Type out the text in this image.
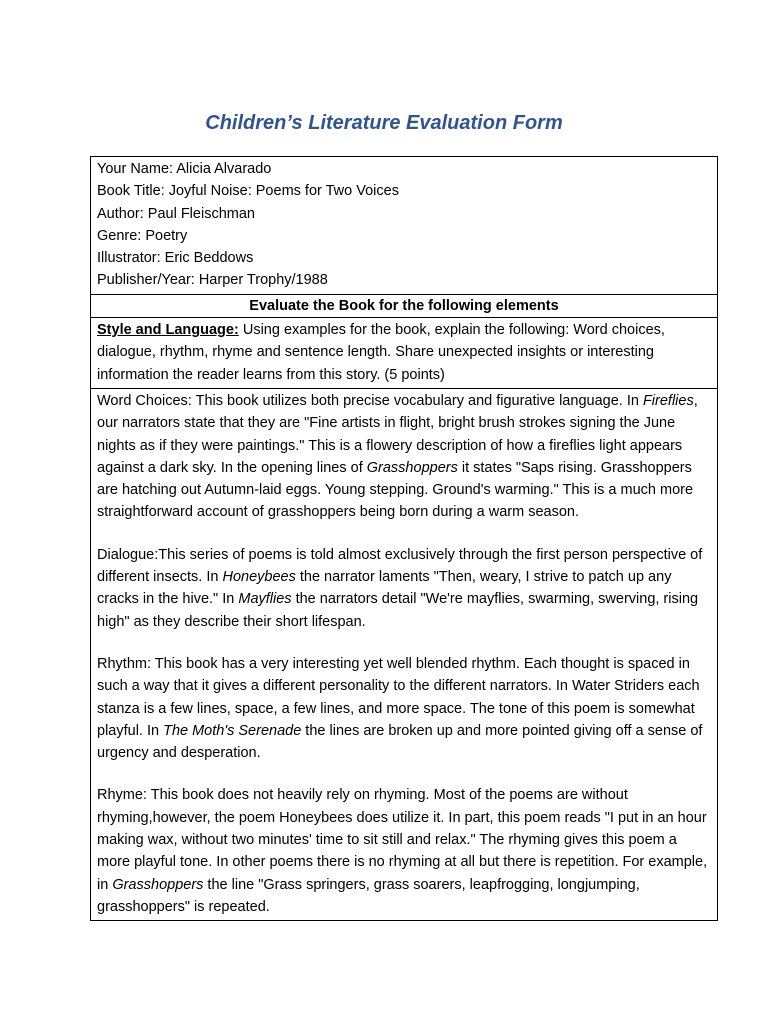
Children’s Literature Evaluation Form
Your Name: Alicia Alvarado
Book Title: Joyful Noise: Poems for Two Voices
Author: Paul Fleischman
Genre: Poetry
Illustrator: Eric Beddows
Publisher/Year: Harper Trophy/1988
Evaluate the Book for the following elements
Style and Language: Using examples for the book, explain the following: Word choices, dialogue, rhythm, rhyme and sentence length. Share unexpected insights or interesting information the reader learns from this story. (5 points)

Word Choices: This book utilizes both precise vocabulary and figurative language. In Fireflies, our narrators state that they are "Fine artists in flight, bright brush strokes signing the June nights as if they were paintings." This is a flowery description of how a fireflies light appears against a dark sky. In the opening lines of Grasshoppers it states "Saps rising. Grasshoppers are hatching out Autumn-laid eggs. Young stepping. Ground's warming." This is a much more straightforward account of grasshoppers being born during a warm season.

Dialogue:This series of poems is told almost exclusively through the first person perspective of different insects. In Honeybees the narrator laments "Then, weary, I strive to patch up any cracks in the hive." In Mayflies the narrators detail "We're mayflies, swarming, swerving, rising high" as they describe their short lifespan.

Rhythm: This book has a very interesting yet well blended rhythm. Each thought is spaced in such a way that it gives a different personality to the different narrators. In Water Striders each stanza is a few lines, space, a few lines, and more space. The tone of this poem is somewhat playful. In The Moth's Serenade the lines are broken up and more pointed giving off a sense of urgency and desperation.

Rhyme: This book does not heavily rely on rhyming. Most of the poems are without rhyming,however, the poem Honeybees does utilize it. In part, this poem reads "I put in an hour making wax, without two minutes' time to sit still and relax." The rhyming gives this poem a more playful tone. In other poems there is no rhyming at all but there is repetition. For example, in Grasshoppers the line "Grass springers, grass soarers, leapfrogging, longjumping, grasshoppers" is repeated.
